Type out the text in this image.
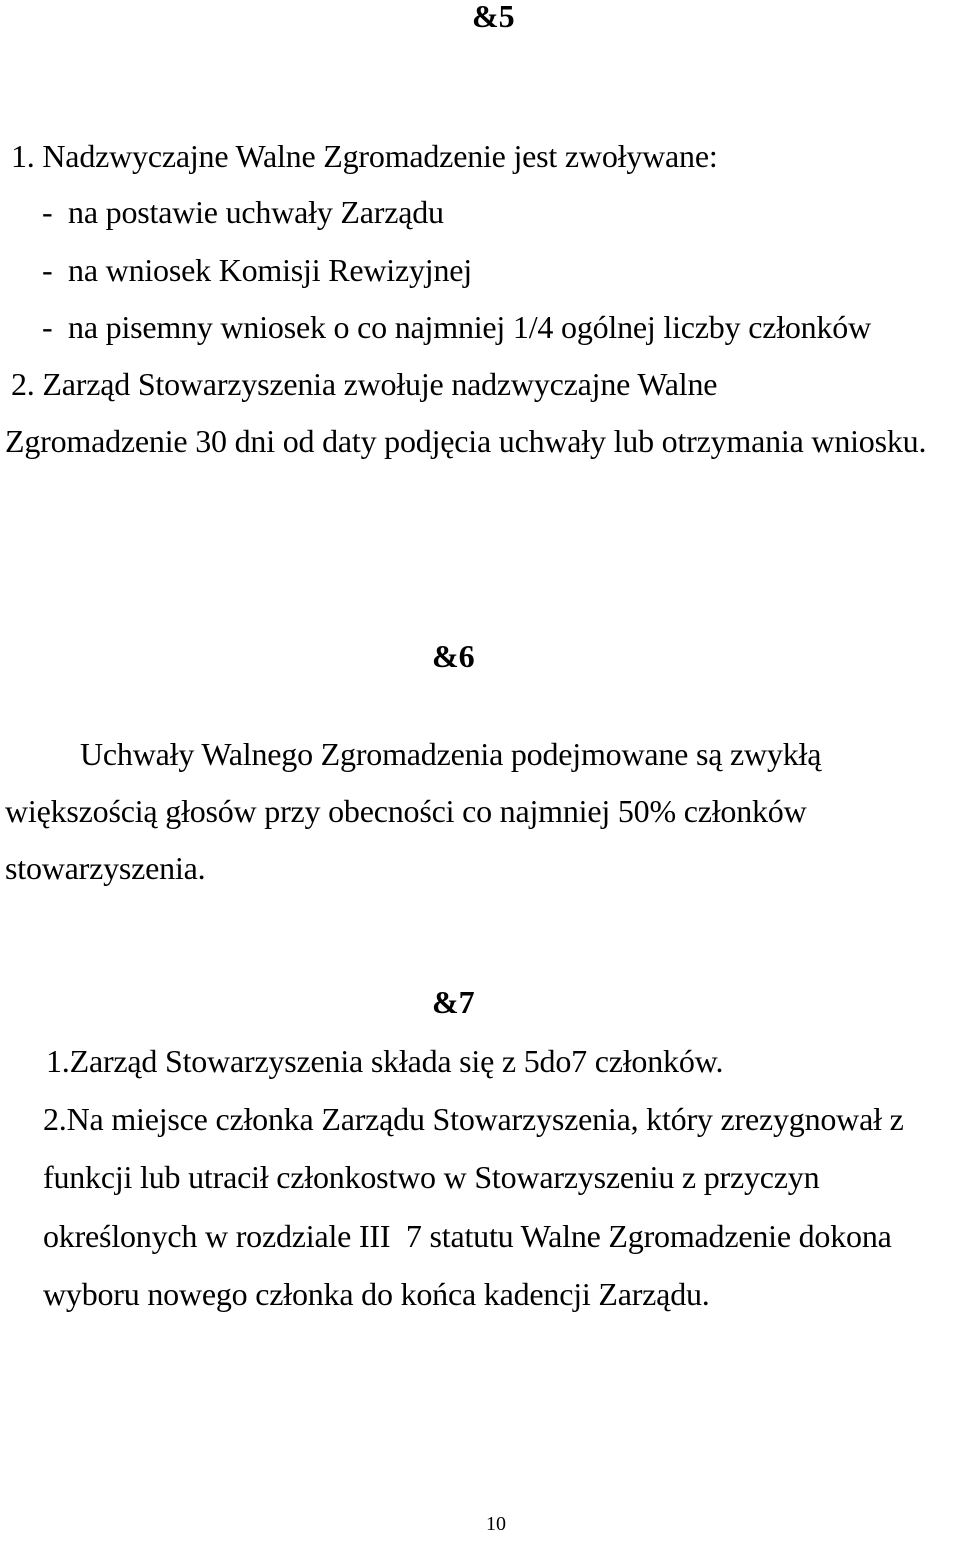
&5
1. Nadzwyczajne Walne Zgromadzenie jest zwoływane:
-  na postawie uchwały Zarządu
-  na wniosek Komisji Rewizyjnej
-  na pisemny wniosek o co najmniej 1/4 ogólnej liczby członków
2. Zarząd Stowarzyszenia zwołuje nadzwyczajne Walne
Zgromadzenie 30 dni od daty podjęcia uchwały lub otrzymania wniosku.
&6
Uchwały Walnego Zgromadzenia podejmowane są zwykłą
większością głosów przy obecności co najmniej 50% członków
stowarzyszenia.
&7
1.Zarząd Stowarzyszenia składa się z 5do7 członków.
2.Na miejsce członka Zarządu Stowarzyszenia, który zrezygnował z
funkcji lub utracił członkostwo w Stowarzyszeniu z przyczyn
określonych w rozdziale III  7 statutu Walne Zgromadzenie dokona
wyboru nowego członka do końca kadencji Zarządu.
10
